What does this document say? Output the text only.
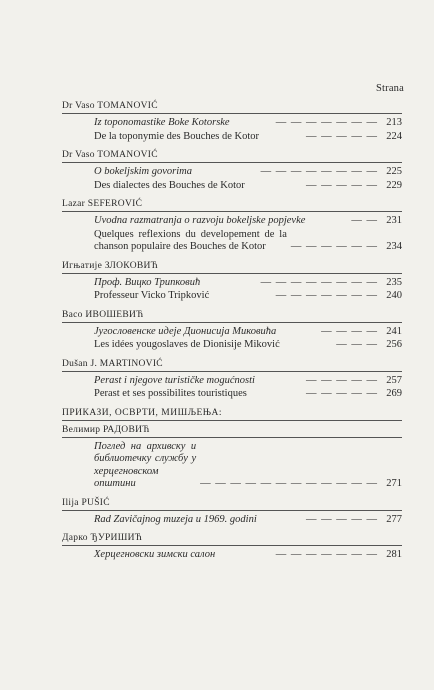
Strana
Dr Vaso TOMANOVIĆ
Iz toponomastike Boke Kotorske	— — — — — — — 213
De la toponymie des Bouches de Kotor	— — — — — 224
Dr Vaso TOMANOVIĆ
O bokeljskim govorima	— — — — — — — — 225
Des dialectes des Bouches de Kotor	— — — — — 229
Lazar SEFEROVIĆ
Uvodna razmatranja o razvoju bokeljske popjevke	— — 231
Quelques reflexions du developement de la chanson populaire des Bouches de Kotor	— — — — — — 234
Игњатије ЗЛОКОВИЋ
Проф. Вицко Трипковић	— — — — — — — — 235
Professeur Vicko Tripković	— — — — — — — 240
Васо ИВОШЕВИЋ
Југословенске идеје Дионисија Миковића	— — — — 241
Les idées yougoslaves de Dionisije Miković	— — — 256
Dušan J. MARTINOVIĆ
Perast i njegove turističke mogućnosti	— — — — — 257
Perast et ses possibilites touristiques	— — — — — 269
ПРИКАЗИ, ОСВРТИ, МИШЉЕЊА:
Велимир РАДОВИЋ
Поглед на архивску и библиотечку службу у херцегновском општини	— — — — — — — — — — — — 271
Ilija PUŠIĆ
Rad Zavičajnog muzeja u 1969. godini	— — — — — 277
Дарко ЂУРИШИЋ
Херцегновски зимски салон	— — — — — — — 281
